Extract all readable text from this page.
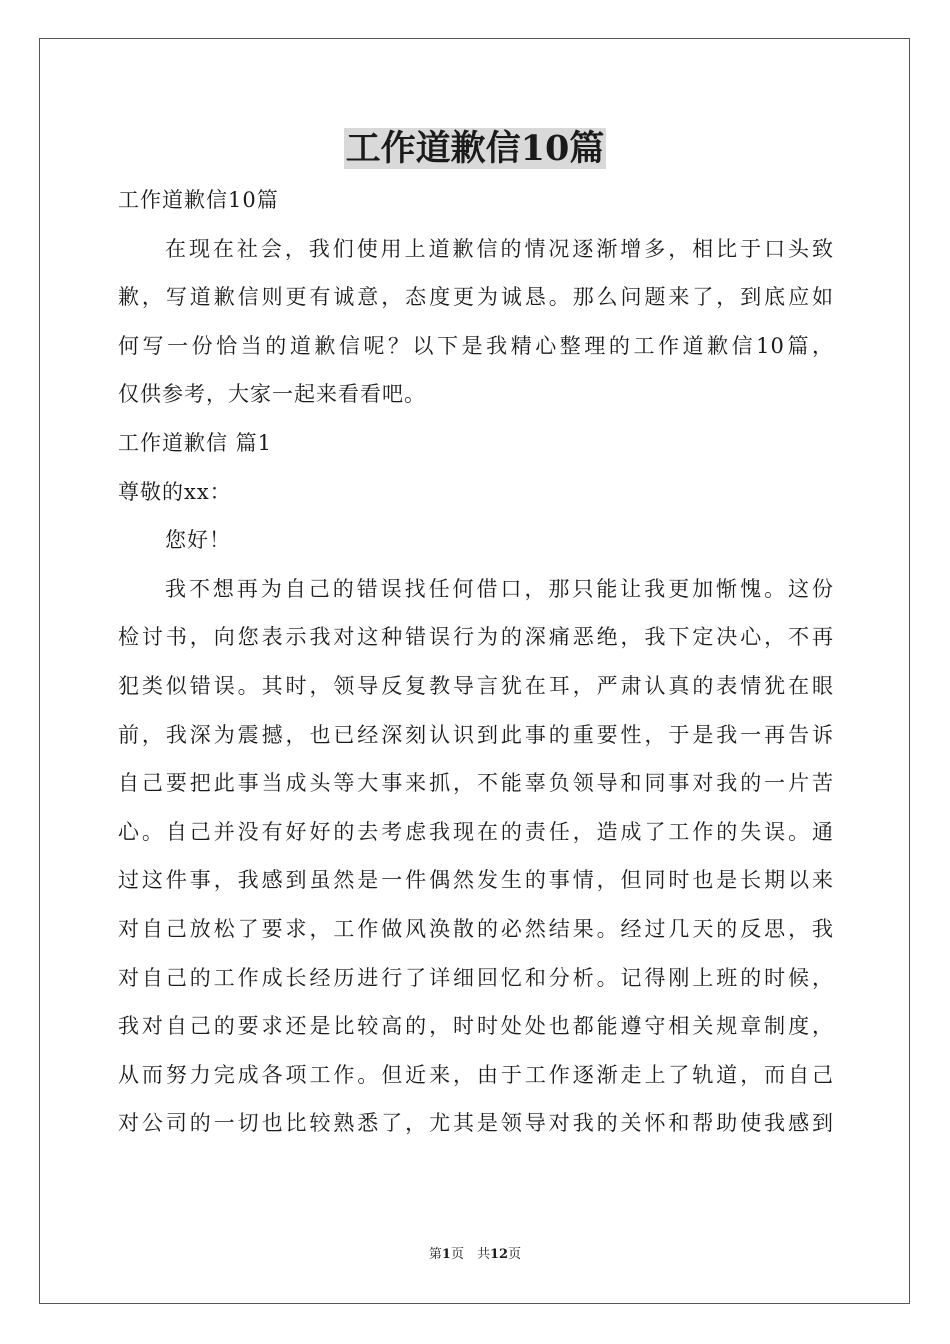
工作道歉信10篇

工作道歉信10篇

在现在社会，我们使用上道歉信的情况逐渐增多，相比于口头致

歉，写道歉信则更有诚意，态度更为诚恳。那么问题来了，到底应如

何写一份恰当的道歉信呢？以下是我精心整理的工作道歉信10篇，

仅供参考，大家一起来看看吧。

工作道歉信 篇1

尊敬的xx：

您好！

我不想再为自己的错误找任何借口，那只能让我更加惭愧。这份

检讨书，向您表示我对这种错误行为的深痛恶绝，我下定决心，不再

犯类似错误。其时，领导反复教导言犹在耳，严肃认真的表情犹在眼

前，我深为震撼，也已经深刻认识到此事的重要性，于是我一再告诉

自己要把此事当成头等大事来抓，不能辜负领导和同事对我的一片苦

心。自己并没有好好的去考虑我现在的责任，造成了工作的失误。通

过这件事，我感到虽然是一件偶然发生的事情，但同时也是长期以来

对自己放松了要求，工作做风涣散的必然结果。经过几天的反思，我

对自己的工作成长经历进行了详细回忆和分析。记得刚上班的时候，

我对自己的要求还是比较高的，时时处处也都能遵守相关规章制度，

从而努力完成各项工作。但近来，由于工作逐渐走上了轨道，而自己

对公司的一切也比较熟悉了，尤其是领导对我的关怀和帮助使我感到

第1页　共12页
